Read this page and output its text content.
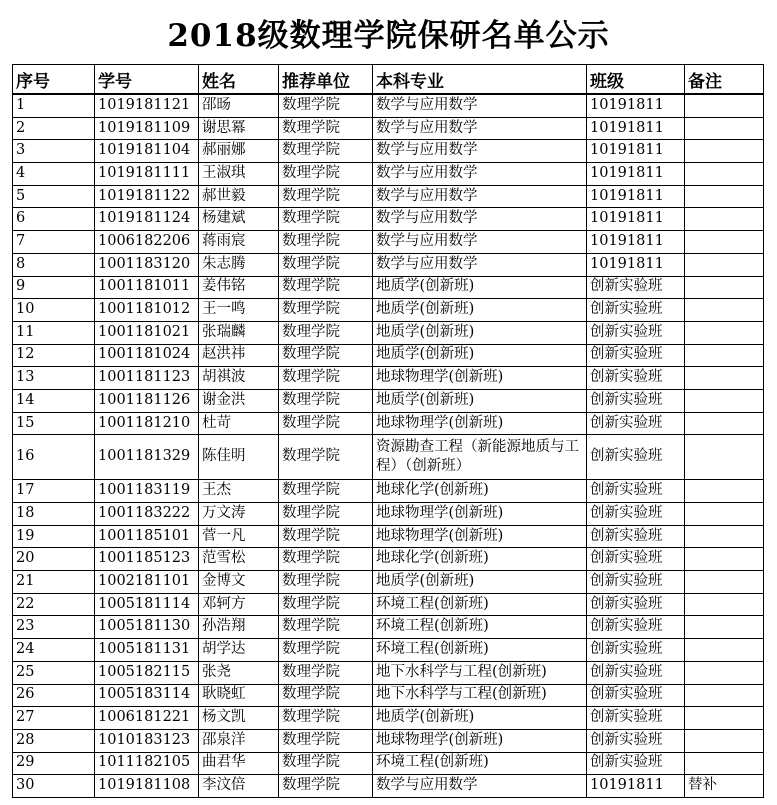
2018级数理学院保研名单公示
序号	学号	姓名	推荐单位	本科专业	班级	备注
1	1019181121	邵旸	数理学院	数学与应用数学	10191811	
2	1019181109	谢思冪	数理学院	数学与应用数学	10191811	
3	1019181104	郝丽娜	数理学院	数学与应用数学	10191811	
4	1019181111	王淑琪	数理学院	数学与应用数学	10191811	
5	1019181122	郝世毅	数理学院	数学与应用数学	10191811	
6	1019181124	杨建斌	数理学院	数学与应用数学	10191811	
7	1006182206	蒋雨宸	数理学院	数学与应用数学	10191811	
8	1001183120	朱志腾	数理学院	数学与应用数学	10191811	
9	1001181011	姜伟铭	数理学院	地质学(创新班)	创新实验班	
10	1001181012	王一鸣	数理学院	地质学(创新班)	创新实验班	
11	1001181021	张瑞麟	数理学院	地质学(创新班)	创新实验班	
12	1001181024	赵洪祎	数理学院	地质学(创新班)	创新实验班	
13	1001181123	胡祺波	数理学院	地球物理学(创新班)	创新实验班	
14	1001181126	谢金洪	数理学院	地质学(创新班)	创新实验班	
15	1001181210	杜苛	数理学院	地球物理学(创新班)	创新实验班	
16	1001181329	陈佳明	数理学院	资源勘查工程（新能源地质与工程）（创新班）	创新实验班	
17	1001183119	王杰	数理学院	地球化学(创新班)	创新实验班	
18	1001183222	万文涛	数理学院	地球物理学(创新班)	创新实验班	
19	1001185101	菅一凡	数理学院	地球物理学(创新班)	创新实验班	
20	1001185123	范雪松	数理学院	地球化学(创新班)	创新实验班	
21	1002181101	金博文	数理学院	地质学(创新班)	创新实验班	
22	1005181114	邓轲方	数理学院	环境工程(创新班)	创新实验班	
23	1005181130	孙浩翔	数理学院	环境工程(创新班)	创新实验班	
24	1005181131	胡学达	数理学院	环境工程(创新班)	创新实验班	
25	1005182115	张尧	数理学院	地下水科学与工程(创新班)	创新实验班	
26	1005183114	耿晓虹	数理学院	地下水科学与工程(创新班)	创新实验班	
27	1006181221	杨文凯	数理学院	地质学(创新班)	创新实验班	
28	1010183123	邵泉洋	数理学院	地球物理学(创新班)	创新实验班	
29	1011182105	曲君华	数理学院	环境工程(创新班)	创新实验班	
30	1019181108	李汶倍	数理学院	数学与应用数学	10191811	替补
